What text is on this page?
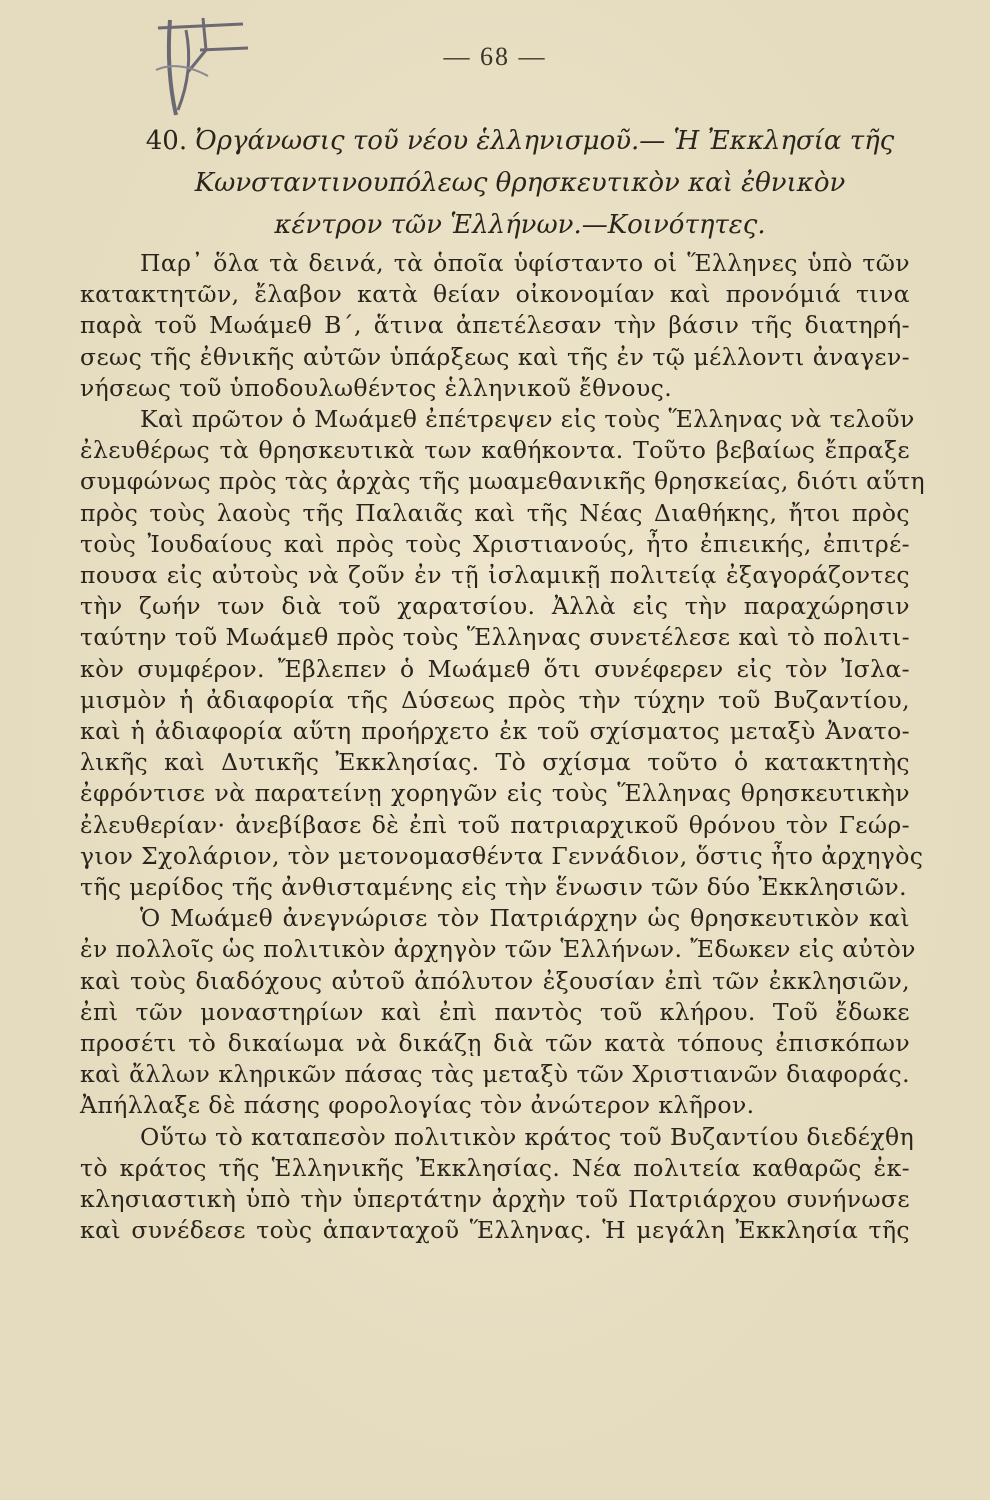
— 68 —
40. Ὀργάνωσις τοῦ νέου ἑλληνισμοῦ.— Ἡ Ἐκκλησία τῆς
Κωνσταντινουπόλεως θρησκευτικὸν καὶ ἐθνικὸν
κέντρον τῶν Ἑλλήνων.—Κοινότητες.
Παρ᾽ ὅλα τὰ δεινά, τὰ ὁποῖα ὑφίσταντο οἱ Ἕλληνες ὑπὸ τῶν
κατακτητῶν, ἔλαβον κατὰ θείαν οἰκονομίαν καὶ προνόμιά τινα
παρὰ τοῦ Μωάμεθ Β΄, ἅτινα ἀπετέλεσαν τὴν βάσιν τῆς διατηρή-
σεως τῆς ἐθνικῆς αὐτῶν ὑπάρξεως καὶ τῆς ἐν τῷ μέλλοντι ἀναγεν-
νήσεως τοῦ ὑποδουλωθέντος ἑλληνικοῦ ἔθνους.
Καὶ πρῶτον ὁ Μωάμεθ ἐπέτρεψεν εἰς τοὺς Ἕλληνας νὰ τελοῦν
ἐλευθέρως τὰ θρησκευτικὰ των καθήκοντα. Τοῦτο βεβαίως ἔπραξε
συμφώνως πρὸς τὰς ἀρχὰς τῆς μωαμεθανικῆς θρησκείας, διότι αὕτη
πρὸς τοὺς λαοὺς τῆς Παλαιᾶς καὶ τῆς Νέας Διαθήκης, ἤτοι πρὸς
τοὺς Ἰουδαίους καὶ πρὸς τοὺς Χριστιανούς, ἦτο ἐπιεικής, ἐπιτρέ-
πουσα εἰς αὐτοὺς νὰ ζοῦν ἐν τῇ ἰσλαμικῇ πολιτείᾳ ἐξαγοράζοντες
τὴν ζωήν των διὰ τοῦ χαρατσίου. Ἀλλὰ εἰς τὴν παραχώρησιν
ταύτην τοῦ Μωάμεθ πρὸς τοὺς Ἕλληνας συνετέλεσε καὶ τὸ πολιτι-
κὸν συμφέρον. Ἔβλεπεν ὁ Μωάμεθ ὅτι συνέφερεν εἰς τὸν Ἰσλα-
μισμὸν ἡ ἀδιαφορία τῆς Δύσεως πρὸς τὴν τύχην τοῦ Βυζαντίου,
καὶ ἡ ἀδιαφορία αὕτη προήρχετο ἐκ τοῦ σχίσματος μεταξὺ Ἀνατο-
λικῆς καὶ Δυτικῆς Ἐκκλησίας. Τὸ σχίσμα τοῦτο ὁ κατακτητὴς
ἐφρόντισε νὰ παρατείνῃ χορηγῶν εἰς τοὺς Ἕλληνας θρησκευτικὴν
ἐλευθερίαν· ἀνεβίβασε δὲ ἐπὶ τοῦ πατριαρχικοῦ θρόνου τὸν Γεώρ-
γιον Σχολάριον, τὸν μετονομασθέντα Γεννάδιον, ὅστις ἦτο ἀρχηγὸς
τῆς μερίδος τῆς ἀνθισταμένης εἰς τὴν ἕνωσιν τῶν δύο Ἐκκλησιῶν.
Ὁ Μωάμεθ ἀνεγνώρισε τὸν Πατριάρχην ὡς θρησκευτικὸν καὶ
ἐν πολλοῖς ὡς πολιτικὸν ἀρχηγὸν τῶν Ἑλλήνων. Ἔδωκεν εἰς αὐτὸν
καὶ τοὺς διαδόχους αὐτοῦ ἀπόλυτον ἐξουσίαν ἐπὶ τῶν ἐκκλησιῶν,
ἐπὶ τῶν μοναστηρίων καὶ ἐπὶ παντὸς τοῦ κλήρου. Τοῦ ἔδωκε
προσέτι τὸ δικαίωμα νὰ δικάζῃ διὰ τῶν κατὰ τόπους ἐπισκόπων
καὶ ἄλλων κληρικῶν πάσας τὰς μεταξὺ τῶν Χριστιανῶν διαφοράς.
Ἀπήλλαξε δὲ πάσης φορολογίας τὸν ἀνώτερον κλῆρον.
Οὕτω τὸ καταπεσὸν πολιτικὸν κράτος τοῦ Βυζαντίου διεδέχθη
τὸ κράτος τῆς Ἑλληνικῆς Ἐκκλησίας. Νέα πολιτεία καθαρῶς ἐκ-
κλησιαστικὴ ὑπὸ τὴν ὑπερτάτην ἀρχὴν τοῦ Πατριάρχου συνήνωσε
καὶ συνέδεσε τοὺς ἁπανταχοῦ Ἕλληνας. Ἡ μεγάλη Ἐκκλησία τῆς
